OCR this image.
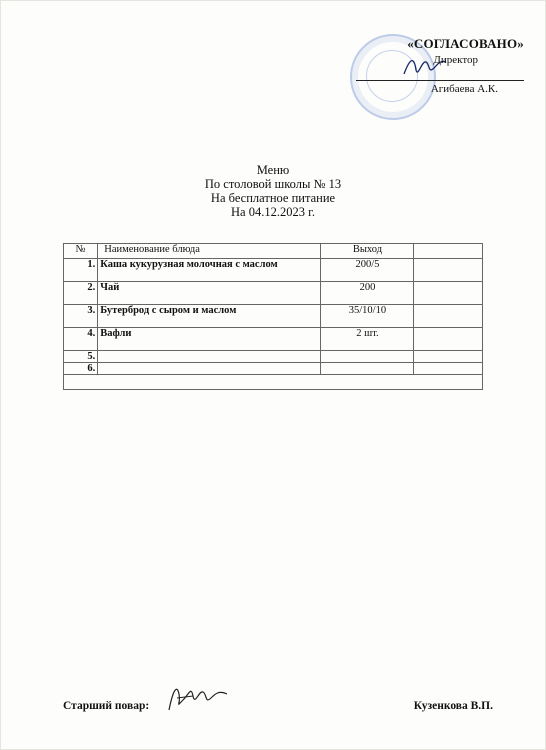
«СОГЛАСОВАНО»
Директор
Агибаева А.К.
Меню
По столовой школы № 13
На бесплатное питание
На 04.12.2023 г.
№	Наименование блюда	Выход	
1.	Каша кукурузная молочная с маслом	200/5	
2.	Чай	200	
3.	Бутерброд с сыром и маслом	35/10/10	
4.	Вафли	2 шт.	
5.			
6.			

Старший повар:	Кузенкова В.П.
